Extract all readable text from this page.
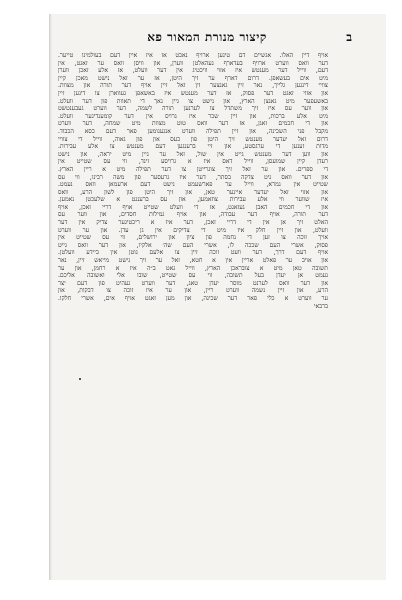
ב
קיצור מנורת המאור פא
אויף דיין האלו. אגשיים דם טינען ארויף נאכט אז איז איין דעם בעולמינו טייער.
דער וואס ווערט ארויף בעדארף געהאלטן ווערן, און וויסן וואס ער זאגט, אין
דעם, ווייל דער מענטש איז אזוי וויכטיג אין דער וועלט, אז אלע זאכן ווערן
מיט אים בעשאפן. דרום דארף ער זיך היטן, אז ער זאל נישט מאכן קיין
צוויי דינגען גלייך, נאר זיין גאנצער זין זאל זיין אויף דער תורה און מצוות.
און אזוי זאגט דער פסוק, אז דער מענטש איז באשאפן געווארן צו דינען זיין
באשעפער מיט גאנצן הארץ, און נישט צו גיין נאך די תאוות פון דער וועלט.
און ווער עס איז זיך משתדל צו לערנען תורה לשמה, דער ווערט געבענטשט
מיט אלע ברכות, און זיין שכר איז גרויס אין דער קומענדיגער וועלט.
און די חכמים זאגן, אז דער וואס טוט מצוות מיט שמחה, דער ווערט
מקבל פני השכינה, און זיין תפילה ווערט אנגענומען פאר דעם כסא הכבוד.
דרום זאל יעדער מענטש זיך היטן פון כעס און פון גאוה, ווייל די צוויי
מדות זענען די ערגסטע, און זיי ברענגען דעם מענטש צו אלע עבירות.
און ווען דער מענטש גייט אין שול, זאל ער גיין מיט יראה, און נישט
רעדן קיין שמועסן, ווייל דאס איז א גרויסע זינד, ווי עס שטייט אין
די ספרים. און ער זאל זיך צוגרייטן צו דער תפילה מיט א ריין הארץ.
און דער וואס גיט צדקה בסתר, דער איז גרעסער פון משה רבינו, ווי עס
שטייט אין גמרא, ווייל ער פארשעמט נישט דעם ארעמאן וואס נעמט.
און אזוי זאל יעדער איינער טאן, און זיך היטן פון לשון הרע, וואס
איז שווער ווי אלע עבירות צוזאמען, און עס ברענגט א שלעכטן נאמען.
און די חכמים האבן געזאגט, אז די וועלט שטייט אויף דריי זאכן, אויף
דער תורה, אויף דער עבודה, און אויף גמילות חסדים, און ווער עס
האלט זיך אן אין די דריי זאכן, דער איז א ריכטיגער צדיק אין דער
וועלט, און זיין חלק איז מיט די צדיקים אין גן עדן. און ער ווערט
אויך זוכה צו זען די נחמה פון ציון און ירושלים, ווי עס שטייט אין
פסוק, אשרי העם שככה לו, אשרי העם שה׳ אלקיו, און דער וואס גייט
אויף דעם דרך, דער וועט זוכה זיין צו אלעם גוטן אין ביידע וועלטן.
און אויב ער פאלט אריין אין א חטא, זאל ער זיך נישט מייאש זיין, נאר
תשובה טאן מיט א צובראכן הארץ, ווייל גאט ב״ה איז א רחמן, און ער
נעמט אן יעדן בעל תשובה, ווי עס שטייט, שובו אלי ואשובה אליכם.
און דער וואס לערנט מוסר יעדן טאג, דער ווערט געהיט פון דעם יצר
הרע, און זיין נשמה ווערט ריין, און ער איז זוכה צו דבקות, און
ער ווערט א כלי פאר דער שכינה, און מען זאגט אויף אים, אשרי חלקו.
ברבאי
